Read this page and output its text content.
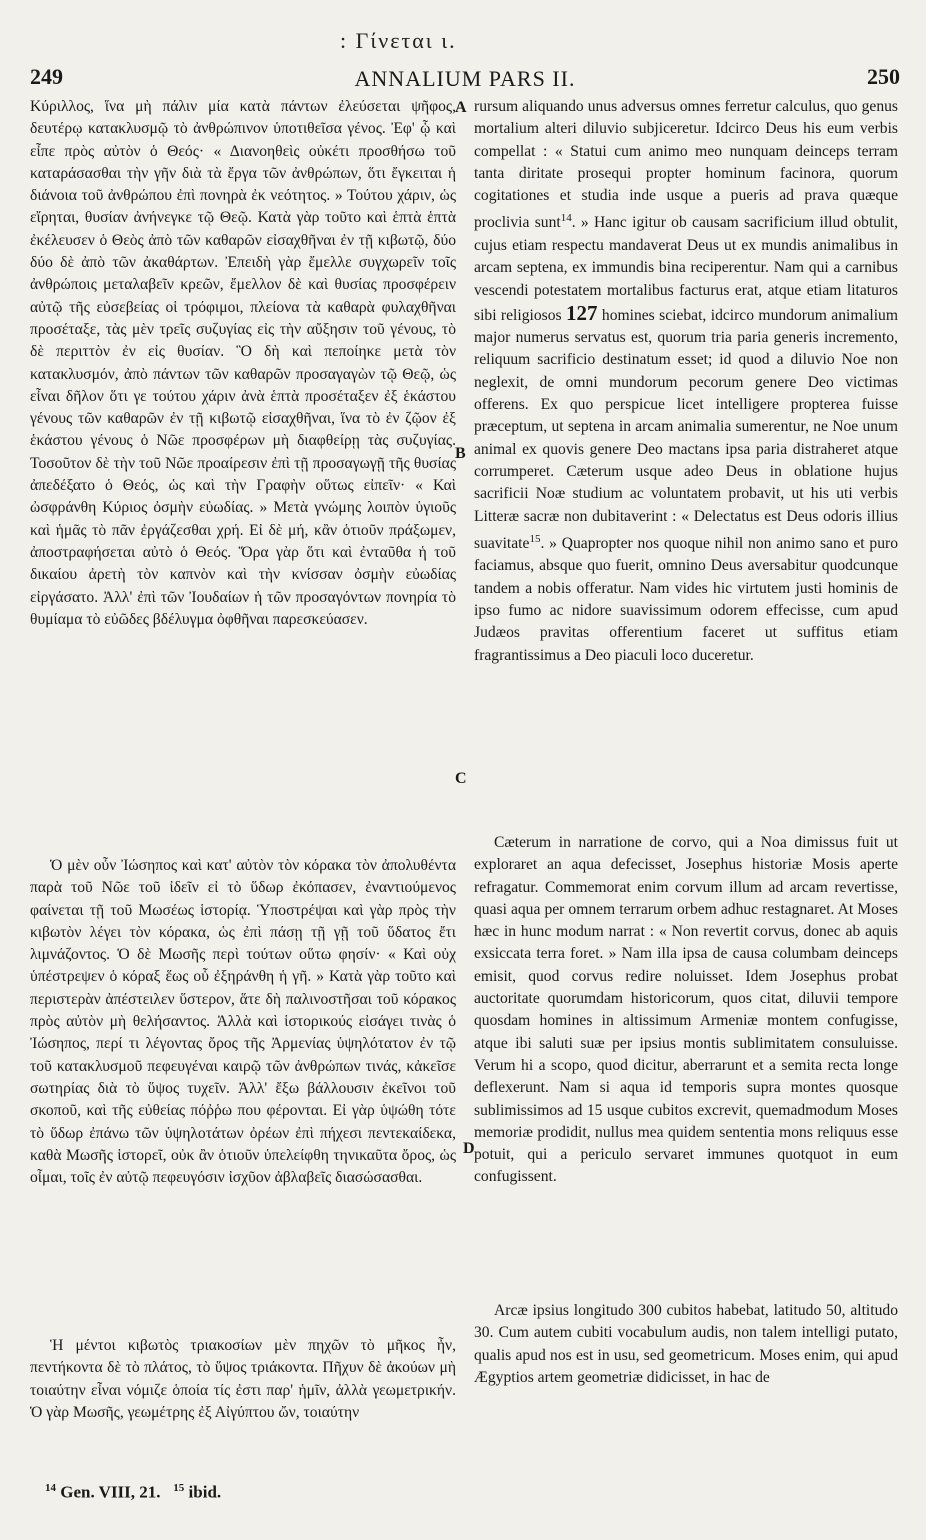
: Γίνεται ι.
249	ANNALIUM PARS II.	250
A
B
C
D

Κύριλλος, ἵνα μὴ πάλιν μία κατὰ πάντων ἐλεύσεται ψῆφος, δευτέρῳ κατακλυσμῷ τὸ ἀνθρώπινον ὑποτιθεῖσα γένος. Ἐφ' ᾧ καὶ εἶπε πρὸς αὐτὸν ὁ Θεός· « Διανοηθεὶς οὐκέτι προσθήσω τοῦ καταράσασθαι τὴν γῆν διὰ τὰ ἔργα τῶν ἀνθρώπων, ὅτι ἔγκειται ἡ διάνοια τοῦ ἀνθρώπου ἐπὶ πονηρὰ ἐκ νεότητος. » Τούτου χάριν, ὡς εἴρηται, θυσίαν ἀνήνεγκε τῷ Θεῷ. Κατὰ γὰρ τοῦτο καὶ ἑπτὰ ἑπτὰ ἐκέλευσεν ὁ Θεὸς ἀπὸ τῶν καθαρῶν εἰσαχθῆναι ἐν τῇ κιβωτῷ, δύο δύο δὲ ἀπὸ τῶν ἀκαθάρτων. Ἐπειδὴ γὰρ ἔμελλε συγχωρεῖν τοῖς ἀνθρώποις μεταλαβεῖν κρεῶν, ἔμελλον δὲ καὶ θυσίας προσφέρειν αὐτῷ τῆς εὐσεβείας οἱ τρόφιμοι, πλείονα τὰ καθαρὰ φυλαχθῆναι προσέταξε, τὰς μὲν τρεῖς συζυγίας εἰς τὴν αὔξησιν τοῦ γένους, τὸ δὲ περιττὸν ἐν εἰς θυσίαν. Ὃ δὴ καὶ πεποίηκε μετὰ τὸν κατακλυσμόν, ἀπὸ πάντων τῶν καθαρῶν προσαγαγὼν τῷ Θεῷ, ὡς εἶναι δῆλον ὅτι γε τούτου χάριν ἀνὰ ἑπτὰ προσέταξεν ἐξ ἑκάστου γένους τῶν καθαρῶν ἐν τῇ κιβωτῷ εἰσαχθῆναι, ἵνα τὸ ἐν ζῷον ἐξ ἑκάστου γένους ὁ Νῶε προσφέρων μὴ διαφθείρῃ τὰς συζυγίας. Τοσοῦτον δὲ τὴν τοῦ Νῶε προαίρεσιν ἐπὶ τῇ προσαγωγῇ τῆς θυσίας ἀπεδέξατο ὁ Θεός, ὡς καὶ τὴν Γραφὴν οὕτως εἰπεῖν· « Καὶ ὠσφράνθη Κύριος ὀσμὴν εὐωδίας. » Μετὰ γνώμης λοιπὸν ὑγιοῦς καὶ ἡμᾶς τὸ πᾶν ἐργάζεσθαι χρή. Εἰ δὲ μή, κἂν ὁτιοῦν πράξωμεν, ἀποστραφήσεται αὐτὸ ὁ Θεός. Ὅρα γὰρ ὅτι καὶ ἐνταῦθα ἡ τοῦ δικαίου ἀρετὴ τὸν καπνὸν καὶ τὴν κνίσσαν ὀσμὴν εὐωδίας εἰργάσατο. Ἀλλ' ἐπὶ τῶν Ἰουδαίων ἡ τῶν προσαγόντων πονηρία τὸ θυμίαμα τὸ εὐῶδες βδέλυγμα ὀφθῆναι παρεσκεύασεν.

Ὁ μὲν οὖν Ἰώσηπος καὶ κατ' αὐτὸν τὸν κόρακα τὸν ἀπολυθέντα παρὰ τοῦ Νῶε τοῦ ἰδεῖν εἰ τὸ ὕδωρ ἐκόπασεν, ἐναντιούμενος φαίνεται τῇ τοῦ Μωσέως ἱστορίᾳ. Ὑποστρέψαι καὶ γὰρ πρὸς τὴν κιβωτὸν λέγει τὸν κόρακα, ὡς ἐπὶ πάσῃ τῇ γῇ τοῦ ὕδατος ἔτι λιμνάζοντος. Ὁ δὲ Μωσῆς περὶ τούτων οὕτω φησίν· « Καὶ οὐχ ὑπέστρεψεν ὁ κόραξ ἕως οὗ ἐξηράνθη ἡ γῆ. » Κατὰ γὰρ τοῦτο καὶ περιστερὰν ἀπέστειλεν ὕστερον, ἅτε δὴ παλινοστῆσαι τοῦ κόρακος πρὸς αὐτὸν μὴ θελήσαντος. Ἀλλὰ καὶ ἱστορικούς εἰσάγει τινὰς ὁ Ἰώσηπος, περί τι λέγοντας ὄρος τῆς Ἀρμενίας ὑψηλότατον ἐν τῷ τοῦ κατακλυσμοῦ πεφευγέναι καιρῷ τῶν ἀνθρώπων τινάς, κἀκεῖσε σωτηρίας διὰ τὸ ὕψος τυχεῖν. Ἀλλ' ἔξω βάλλουσιν ἐκεῖνοι τοῦ σκοποῦ, καὶ τῆς εὐθείας πόῤῥω που φέρονται. Εἰ γὰρ ὑψώθη τότε τὸ ὕδωρ ἐπάνω τῶν ὑψηλοτάτων ὀρέων ἐπὶ πήχεσι πεντεκαίδεκα, καθὰ Μωσῆς ἱστορεῖ, οὐκ ἂν ὁτιοῦν ὑπελείφθη τηνικαῦτα ὄρος, ὡς οἶμαι, τοῖς ἐν αὐτῷ πεφευγόσιν ἰσχῦον ἀβλαβεῖς διασώσασθαι.

Ἡ μέντοι κιβωτὸς τριακοσίων μὲν πηχῶν τὸ μῆκος ἦν, πεντήκοντα δὲ τὸ πλάτος, τὸ ὕψος τριάκοντα. Πῆχυν δὲ ἀκούων μὴ τοιαύτην εἶναι νόμιζε ὁποία τίς ἐστι παρ' ἡμῖν, ἀλλὰ γεωμετρικήν. Ὁ γὰρ Μωσῆς, γεωμέτρης ἐξ Αἰγύπτου ὤν, τοιαύτην

rursum aliquando unus adversus omnes ferretur calculus, quo genus mortalium alteri diluvio subjiceretur. Idcirco Deus his eum verbis compellat : « Statui cum animo meo nunquam deinceps terram tanta diritate prosequi propter hominum facinora, quorum cogitationes et studia inde usque a pueris ad prava quæque proclivia sunt$^{14}$. » Hanc igitur ob causam sacrificium illud obtulit, cujus etiam respectu mandaverat Deus ut ex mundis animalibus in arcam septena, ex immundis bina reciperentur. Nam qui a carnibus vescendi potestatem mortalibus facturus erat, atque etiam litaturos sibi religiosos 127 homines sciebat, idcirco mundorum animalium major numerus servatus est, quorum tria paria generis incremento, reliquum sacrificio destinatum esset; id quod a diluvio Noe non neglexit, de omni mundorum pecorum genere Deo victimas offerens. Ex quo perspicue licet intelligere propterea fuisse præceptum, ut septena in arcam animalia sumerentur, ne Noe unum animal ex quovis genere Deo mactans ipsa paria distraheret atque corrumperet. Cæterum usque adeo Deus in oblatione hujus sacrificii Noæ studium ac voluntatem probavit, ut his uti verbis Litteræ sacræ non dubitaverint : « Delectatus est Deus odoris illius suavitate$^{15}$. » Quapropter nos quoque nihil non animo sano et puro faciamus, absque quo fuerit, omnino Deus aversabitur quodcunque tandem a nobis offeratur. Nam vides hic virtutem justi hominis de ipso fumo ac nidore suavissimum odorem effecisse, cum apud Judæos pravitas offerentium faceret ut suffitus etiam fragrantissimus a Deo piaculi loco duceretur.

Cæterum in narratione de corvo, qui a Noa dimissus fuit ut exploraret an aqua defecisset, Josephus historiæ Mosis aperte refragatur. Commemorat enim corvum illum ad arcam revertisse, quasi aqua per omnem terrarum orbem adhuc restagnaret. At Moses hæc in hunc modum narrat : « Non revertit corvus, donec ab aquis exsiccata terra foret. » Nam illa ipsa de causa columbam deinceps emisit, quod corvus redire noluisset. Idem Josephus probat auctoritate quorumdam historicorum, quos citat, diluvii tempore quosdam homines in altissimum Armeniæ montem confugisse, atque ibi saluti suæ per ipsius montis sublimitatem consuluisse. Verum hi a scopo, quod dicitur, aberrarunt et a semita recta longe deflexerunt. Nam si aqua id temporis supra montes quosque sublimissimos ad 15 usque cubitos excrevit, quemadmodum Moses memoriæ prodidit, nullus mea quidem sententia mons reliquus esse potuit, qui a periculo servaret immunes quotquot in eum confugissent.

Arcæ ipsius longitudo 300 cubitos habebat, latitudo 50, altitudo 30. Cum autem cubiti vocabulum audis, non talem intelligi putato, qualis apud nos est in usu, sed geometricum. Moses enim, qui apud Ægyptios artem geometriæ didicisset, in hac de

$^{14}$ Gen. VIII, 21. $^{15}$ ibid.
